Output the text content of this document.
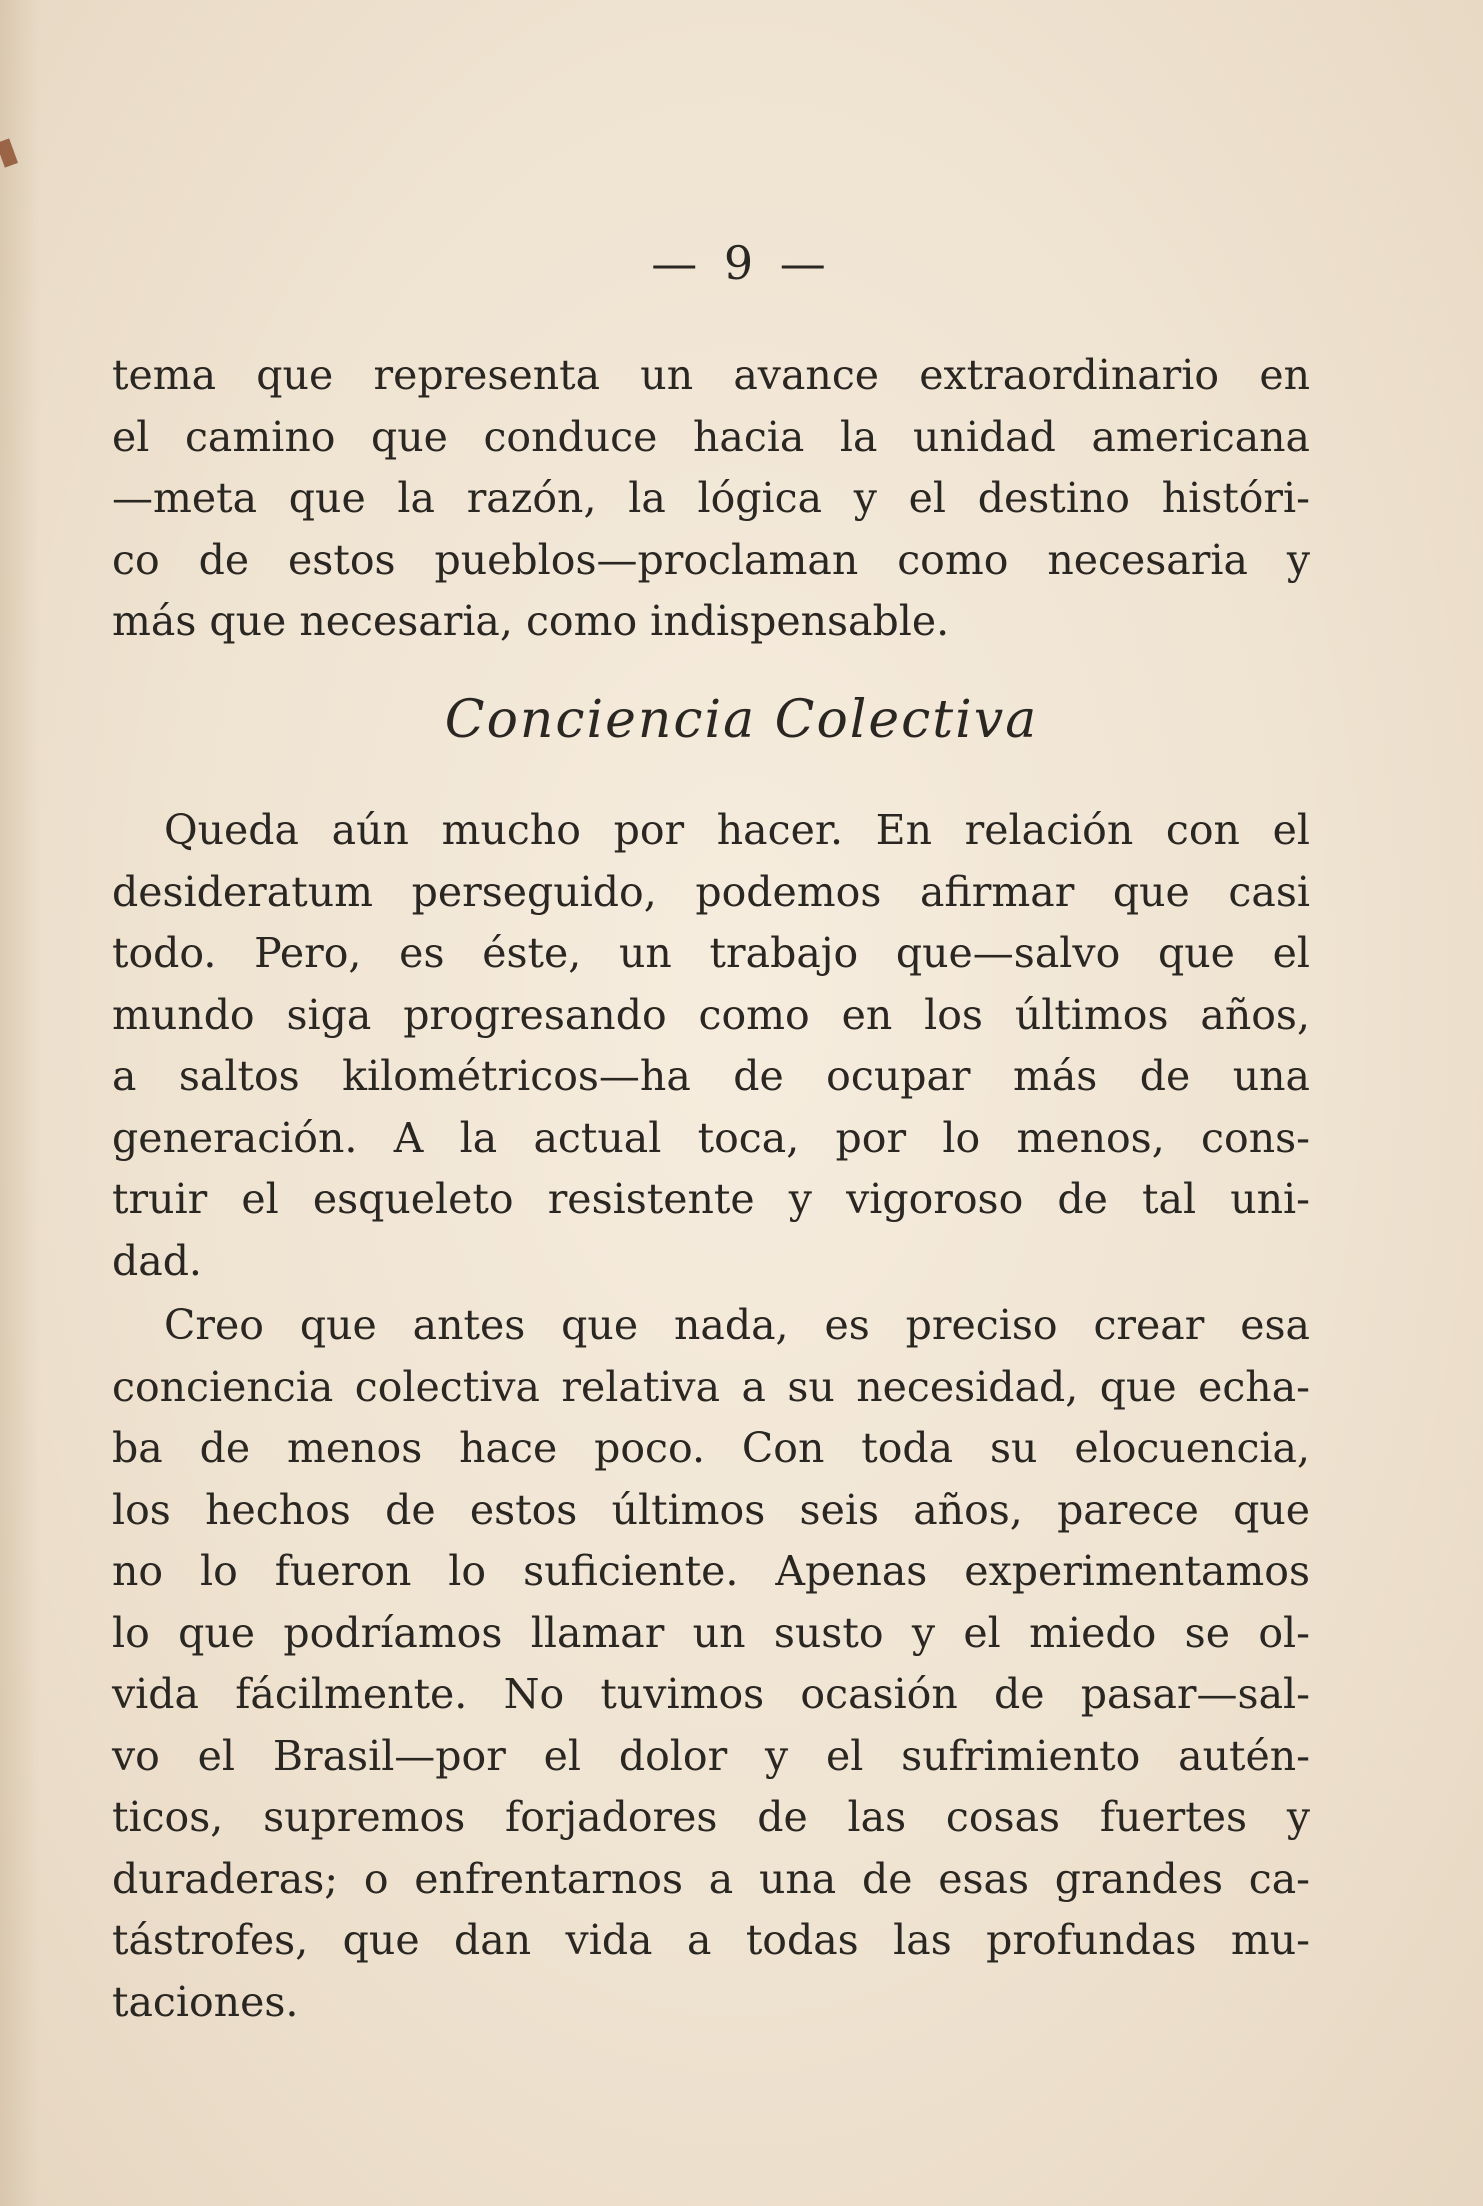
— 9 —
tema que representa un avance extraordinario en
el camino que conduce hacia la unidad americana
—meta que la razón, la lógica y el destino históri-
co de estos pueblos—proclaman como necesaria y
más que necesaria, como indispensable.
Conciencia Colectiva
Queda aún mucho por hacer. En relación con el
desideratum perseguido, podemos afirmar que casi
todo. Pero, es éste, un trabajo que—salvo que el
mundo siga progresando como en los últimos años,
a saltos kilométricos—ha de ocupar más de una
generación. A la actual toca, por lo menos, cons-
truir el esqueleto resistente y vigoroso de tal uni-
dad.
Creo que antes que nada, es preciso crear esa
conciencia colectiva relativa a su necesidad, que echa-
ba de menos hace poco. Con toda su elocuencia,
los hechos de estos últimos seis años, parece que
no lo fueron lo suficiente. Apenas experimentamos
lo que podríamos llamar un susto y el miedo se ol-
vida fácilmente. No tuvimos ocasión de pasar—sal-
vo el Brasil—por el dolor y el sufrimiento autén-
ticos, supremos forjadores de las cosas fuertes y
duraderas; o enfrentarnos a una de esas grandes ca-
tástrofes, que dan vida a todas las profundas mu-
taciones.
